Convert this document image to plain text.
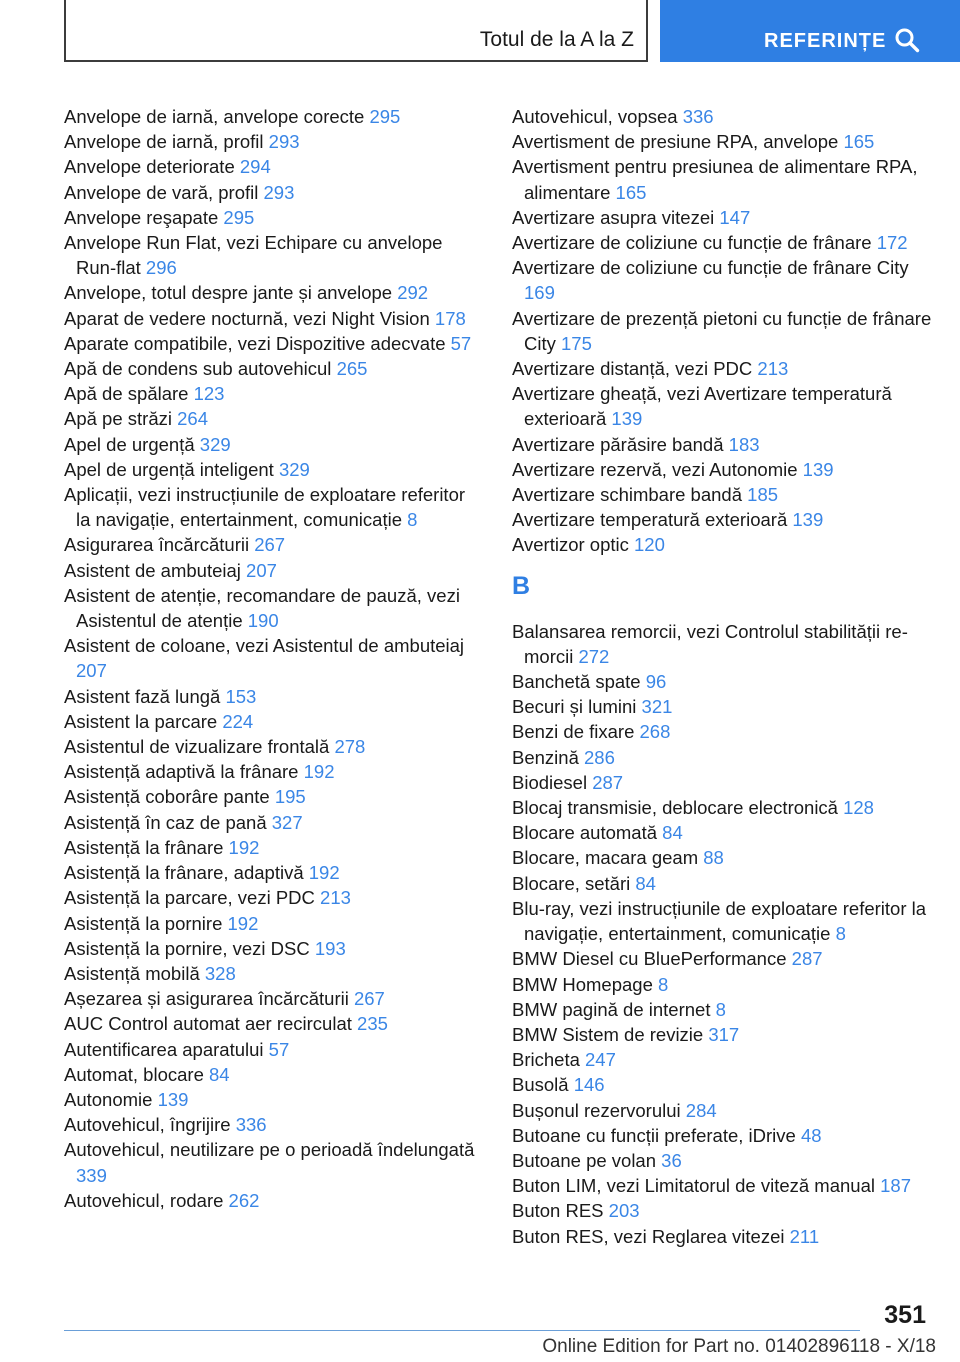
Totul de la A la Z	REFERINȚE
Anvelope de iarnă, anvelope corecte 295
Anvelope de iarnă, profil 293
Anvelope deteriorate 294
Anvelope de vară, profil 293
Anvelope reşapate 295
Anvelope Run Flat, vezi Echipare cu anvelope Run-flat 296
Anvelope, totul despre jante și anvelope 292
Aparat de vedere nocturnă, vezi Night Vision 178
Aparate compatibile, vezi Dispozitive adecvate 57
Apă de condens sub autovehicul 265
Apă de spălare 123
Apă pe străzi 264
Apel de urgență 329
Apel de urgență inteligent 329
Aplicații, vezi instrucțiunile de exploatare referitor la navigație, entertainment, comunicație 8
Asigurarea încărcăturii 267
Asistent de ambuteiaj 207
Asistent de atenție, recomandare de pauză, vezi Asistentul de atenție 190
Asistent de coloane, vezi Asistentul de ambuteiaj 207
Asistent fază lungă 153
Asistent la parcare 224
Asistentul de vizualizare frontală 278
Asistență adaptivă la frânare 192
Asistență coborâre pante 195
Asistență în caz de pană 327
Asistență la frânare 192
Asistență la frânare, adaptivă 192
Asistență la parcare, vezi PDC 213
Asistență la pornire 192
Asistență la pornire, vezi DSC 193
Asistență mobilă 328
Așezarea și asigurarea încărcăturii 267
AUC Control automat aer recirculat 235
Autentificarea aparatului 57
Automat, blocare 84
Autonomie 139
Autovehicul, îngrijire 336
Autovehicul, neutilizare pe o perioadă îndelungată 339
Autovehicul, rodare 262
Autovehicul, vopsea 336
Avertisment de presiune RPA, anvelope 165
Avertisment pentru presiunea de alimentare RPA, alimentare 165
Avertizare asupra vitezei 147
Avertizare de coliziune cu funcție de frânare 172
Avertizare de coliziune cu funcție de frânare City 169
Avertizare de prezență pietoni cu funcție de frânare City 175
Avertizare distanță, vezi PDC 213
Avertizare gheață, vezi Avertizare temperatură exterioară 139
Avertizare părăsire bandă 183
Avertizare rezervă, vezi Autonomie 139
Avertizare schimbare bandă 185
Avertizare temperatură exterioară 139
Avertizor optic 120
B
Balansarea remorcii, vezi Controlul stabilității remorcii 272
Banchetă spate 96
Becuri și lumini 321
Benzi de fixare 268
Benzină 286
Biodiesel 287
Blocaj transmisie, deblocare electronică 128
Blocare automată 84
Blocare, macara geam 88
Blocare, setări 84
Blu-ray, vezi instrucțiunile de exploatare referitor la navigație, entertainment, comunicație 8
BMW Diesel cu BluePerformance 287
BMW Homepage 8
BMW pagină de internet 8
BMW Sistem de revizie 317
Bricheta 247
Busolă 146
Bușonul rezervorului 284
Butoane cu funcții preferate, iDrive 48
Butoane pe volan 36
Buton LIM, vezi Limitatorul de viteză manual 187
Buton RES 203
Buton RES, vezi Reglarea vitezei 211
351
Online Edition for Part no. 01402896118 - X/18
